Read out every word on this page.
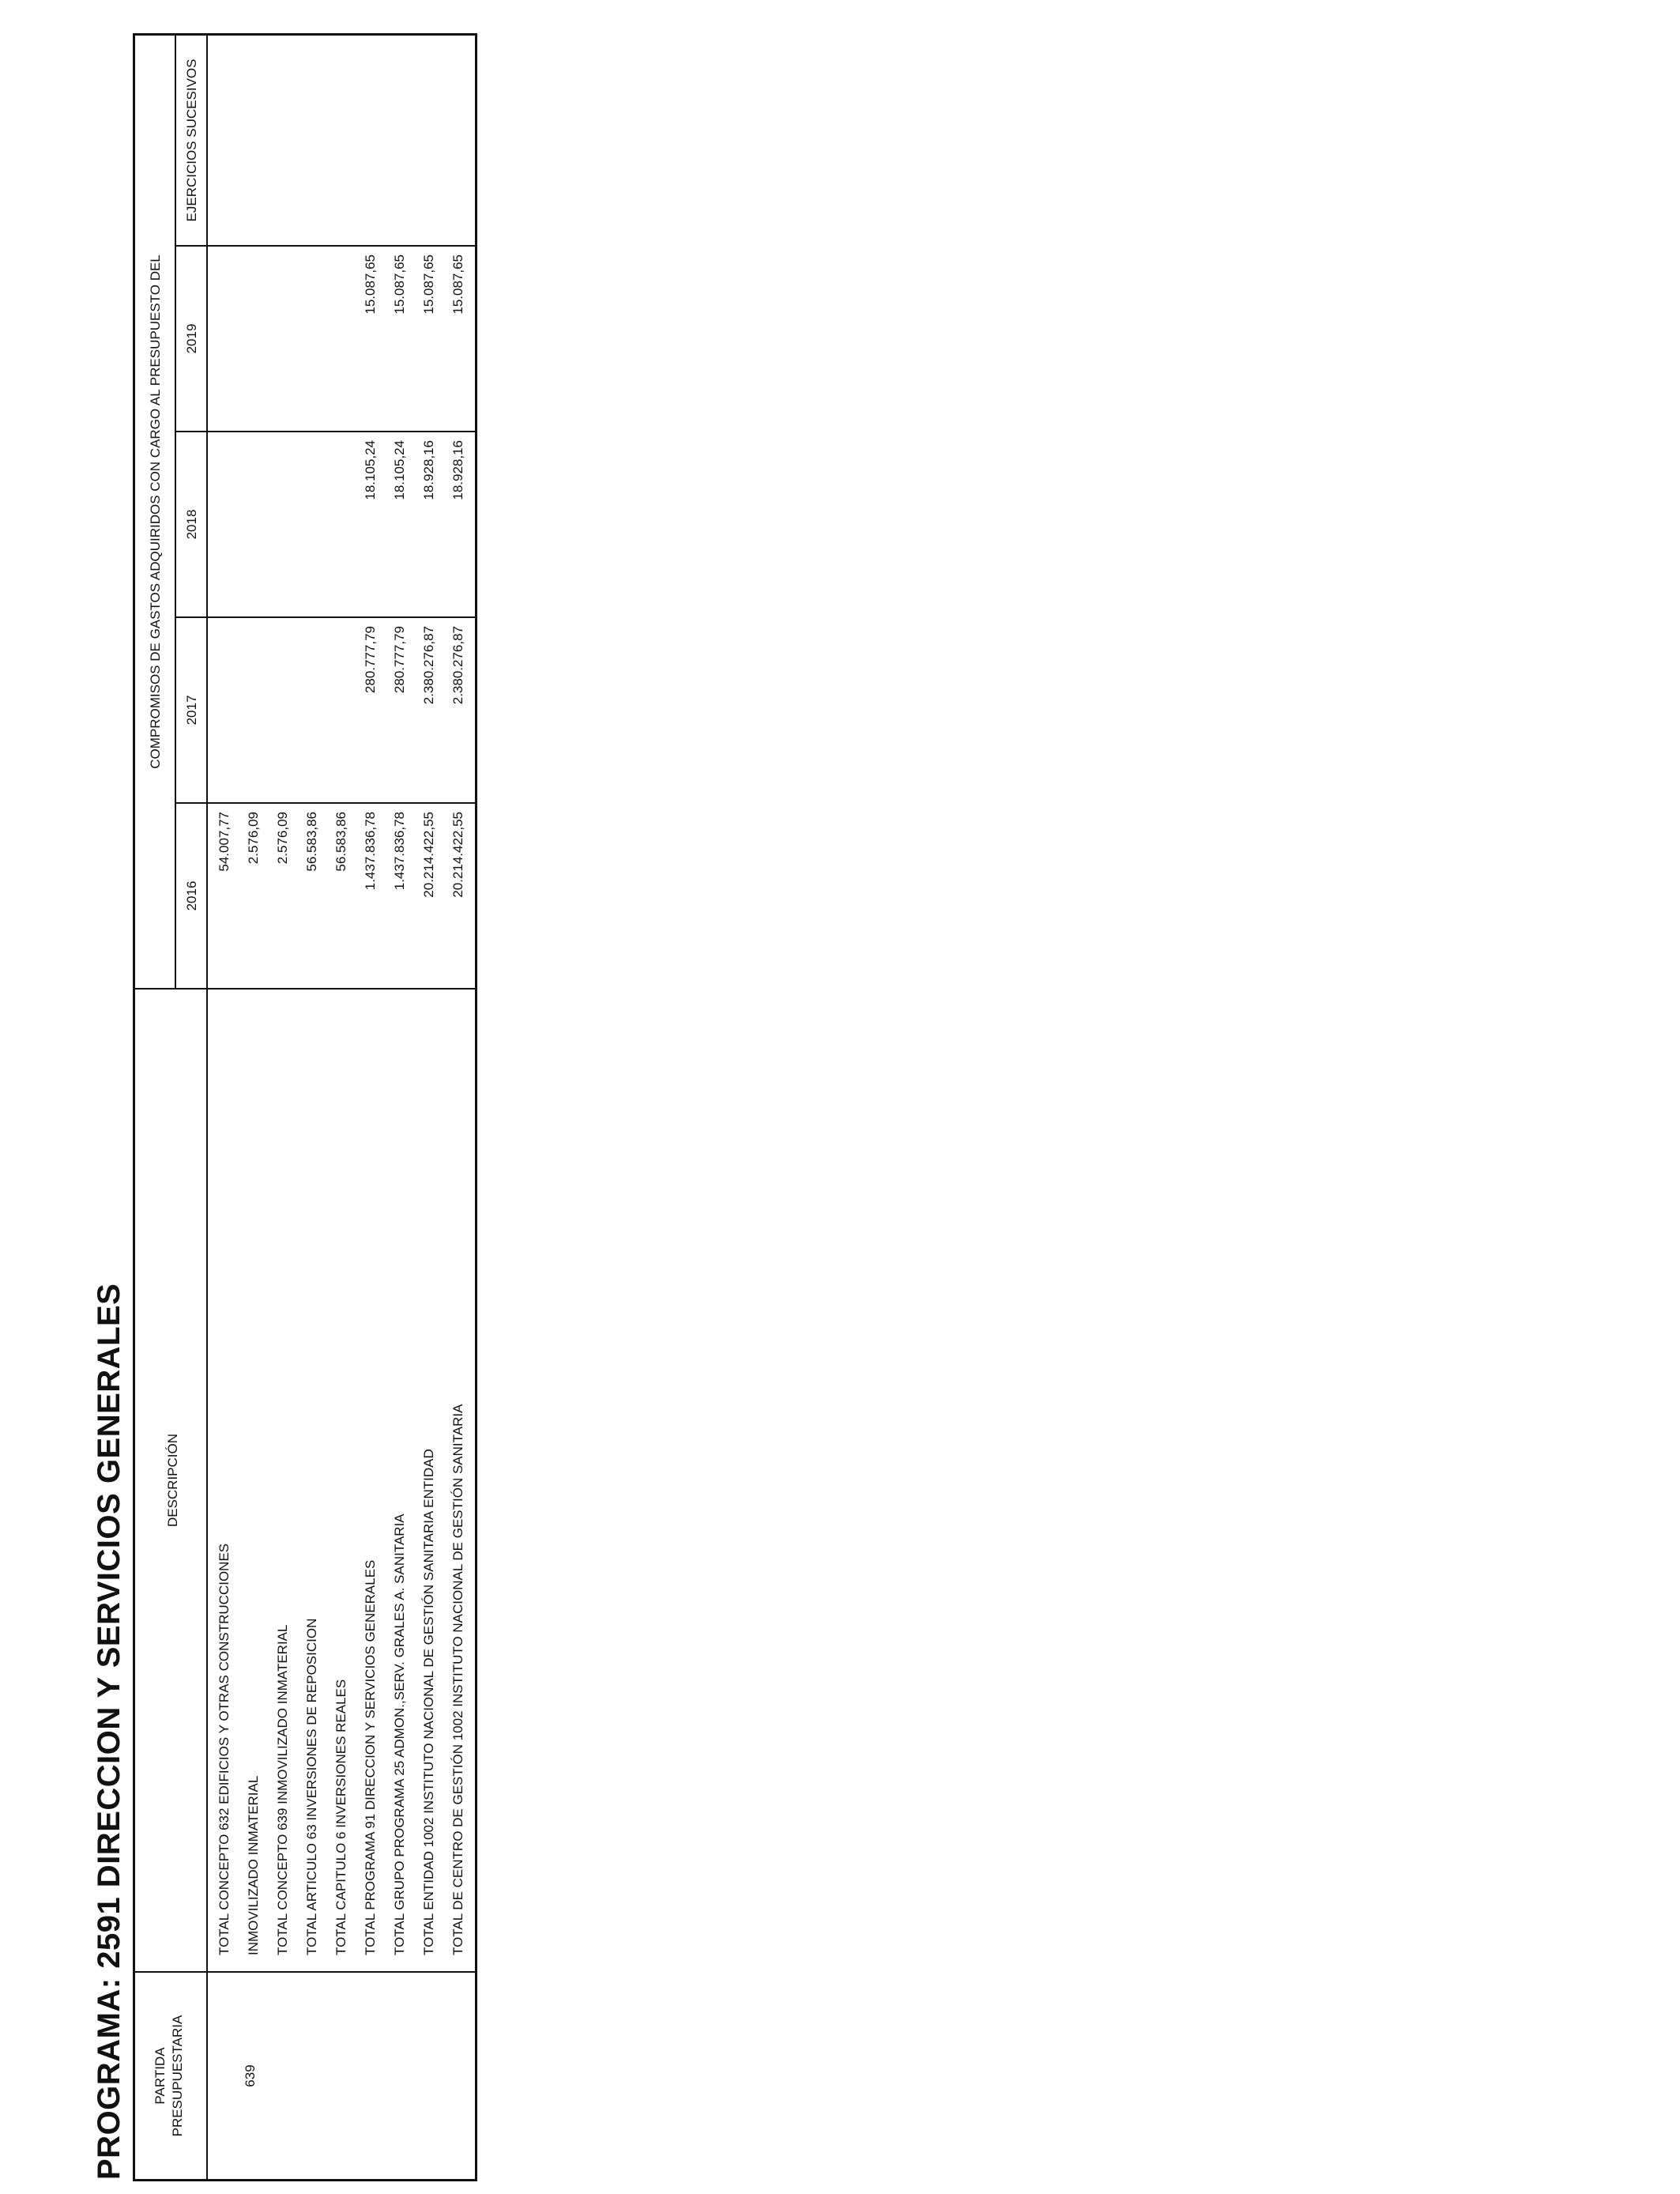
PROGRAMA: 2591 DIRECCION Y SERVICIOS GENERALES PARTIDA PRESUPUESTARIA
DESCRIPCIÓN
COMPROMISOS DE GASTOS ADQUIRIDOS CON CARGO AL PRESUPUESTO DEL
2016
2017
2018
2019
EJERCICIOS SUCESIVOS
639
TOTAL CONCEPTO 632 EDIFICIOS Y OTRAS CONSTRUCCIONES
54.007,77
INMOVILIZADO INMATERIAL
2.576,09
TOTAL CONCEPTO 639 INMOVILIZADO INMATERIAL
2.576,09
TOTAL ARTICULO 63 INVERSIONES DE REPOSICION
56.583,86
TOTAL CAPITULO 6 INVERSIONES REALES
56.583,86
TOTAL PROGRAMA 91 DIRECCION Y SERVICIOS GENERALES
1.437.836,78
280.777,79
18.105,24
15.087,65
TOTAL GRUPO PROGRAMA 25 ADMON.,SERV. GRALES A. SANITARIA
1.437.836,78
280.777,79
18.105,24
15.087,65
TOTAL ENTIDAD 1002 INSTITUTO NACIONAL DE GESTIÓN SANITARIA ENTIDAD
20.214.422,55
2.380.276,87
18.928,16
15.087,65
TOTAL DE CENTRO DE GESTIÓN 1002 INSTITUTO NACIONAL DE GESTIÓN SANITARIA
20.214.422,55
2.380.276,87
18.928,16
15.087,65
